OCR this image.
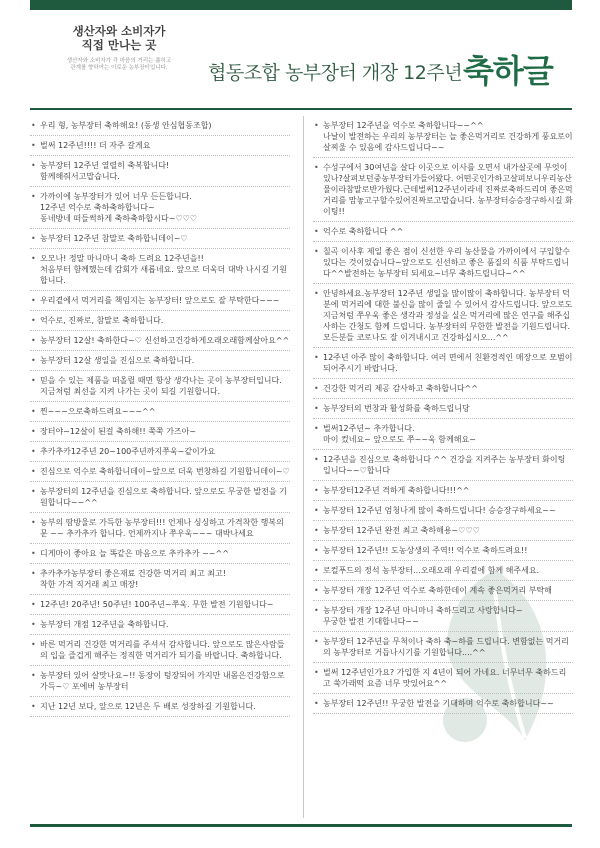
생산자와 소비자가
직접 만나는 곳
생산자와 소비자가 각 마음의 거리는 좁히고
관계를 향하여는 이로운 농부장터입니다.	협동조합 농부장터 개장 12주년 축하글
• 우리 형, 농부장터 축하해요! (동생 안심협동조합)
• 벌써 12주년!!!! 더 자주 갈게요
• 농부장터 12주년 열렬히 축복합니다!
함께해줘서고맙습니다.
• 가까이에 농부장터가 있어 너무 든든합니다.
12주년 억수로 축하축하합니다~
동네방네 떠들썩하게 축하축하합시다~♡♡♡
• 농부장터 12주년 참말로 축하합니데이~♡
• 오모나! 정말 마니마니 축하 드려요 12주년을!!
처음부터 함께했는데 감회가 새롭네요. 앞으로 더욱더 대박 나시길 기원합니다.
• 우리곁에서 먹거리를 책임지는 농부장터! 앞으로도 잘 부탁한다~~~
• 억수로, 진짜로, 참말로 축하합니다.
• 농부장터 12살! 축하한다~♡ 신선하고건강하게오래오래함께살아요^^
• 농부장터 12살 생일을 진심으로 축하합니다.
• 믿을 수 있는 제품을 떠올릴 때면 항상 생각나는 곳이 농부장터입니다. 지금처럼 최선을 지켜 나가는 곳이 되길 기원합니다.
• 찐~~~으로축하드려요~~~^^
• 장터야~12살이 된걸 축하해!! 쭉쭉 가즈아~
• 추카추카12주년 20~100주년까지쭈욱~같이가요
• 진심으로 억수로 축하합니데이~앞으로 더욱 번창하길 기원합니데이~♡
• 농부장터의 12주년을 진심으로 축하합니다. 앞으로도 무궁한 발전을 기원합니다~~^^
• 농부의 땀방울로 가득한 농부장터!!! 언제나 싱싱하고 가격착한 행복의 문 ~~ 추카추카 합니다. 언제까지나 쭈우욱~~~ 대박나세요
• 디게마이 좋아요 늘 똑같은 마음으로 추카추카 ~~^^
• 추카추카농부장터 좋은재료 건강한 먹거리 최고 최고!
착한 가격 직거래 최고 매장!
• 12주년! 20주년! 50주년! 100주년~쭈욱. 무한 발전 기원합니다~
• 농부장터 개점 12주년을 축하합니다.
• 바른 먹거리 건강한 먹거리를 주셔서 감사합니다. 앞으로도 많은사람들의 입을 즐겁게 해주는 정직한 먹거리가 되기를 바랍니다. 축하합니다.
• 농부장터 있어 살맛나요~!! 동장이 텅장되어 가지만 내몸은건강함으로가득~♡ 포에버 농부장터
• 지난 12년 보다, 앞으로 12년은 두 배로 성장하길 기원합니다.
• 농부장터 12주년을 억수로 축하합니다~~^^
나날이 발전하는 우리의 농부장터는 늘 좋은먹거리로 건강하게 풍요로이 살찌울 수 있음에 감사드립니다~~
• 수성구에서 30여년을 살다 이곳으로 이사를 오면서 내가살곳에 무엇이있나?살펴보던중농부장터가들어왔다. 어떤곳인가하고살펴보니우리농산물이라참말로반가웠다.근데벌써12주년이라네 진짜로축하드리며 좋은먹거리를 맘놓고구할수있어진짜로고맙습니다. 농부장터승승장구하시길 화이팅!!
• 억수로 축하합니다 ^^
• 칠곡 이사후 제일 좋은 점이 신선한 우리 농산물을 가까이에서 구입할수 있다는 것이었습니다~앞으로도 신선하고 좋은 품질의 식품 부탁드립니다^^발전하는 농부장터 되세요~너무 축하드립니다~^^
• 안녕하세요.농부장터 12주년 생일을 많이많이 축하합니다. 농부장터 덕분에 먹거리에 대한 불신을 많이 줄일 수 있어서 감사드립니다. 앞으로도 지금처럼 쭈우욱 좋은 생각과 정성을 실은 먹거리에 많은 연구를 해주십사하는 간청도 함께 드립니다. 농부장터의 무한한 발전을 기원드립니다. 모든분들 코로나도 잘 이겨내시고 건강하십시오...^^
• 12주년 아주 많이 축하합니다. 여러 면에서 친환경적인 매장으로 모범이 되어주시기 바랍니다.
• 건강한 먹거리 제공 감사하고 축하합니다^^
• 농부장터의 번창과 활성화를 축하드립니당
• 벌써12주년~ 추카합니다.
마이 컸네요~ 앞으로도 쭈~~욱 함께해요~
• 12주년을 진심으로 축하합니다 ^^ 건강을 지켜주는 농부장터 화이팅입니다~~♡합니다
• 농부장터12주년 격하게 축하합니다!!!^^
• 농부장터 12주년 엄청나게 많이 축하드립니다! 승승장구하세요~~
• 농부장터 12주년 완전 최고 축하해용~♡♡♡
• 농부장터 12주년!! 도농상생의 주역!! 억수로 축하드려요!!
• 로컬푸드의 정석 농부장터...오래오래 우리곁에 함께 해주세요.
• 농부장터 개장 12주년 억수로 축하한데이 계속 좋은먹거리 부탁해
• 농부장터 개장 12주년 마니마니 축하드리고 사랑합니다~
무궁한 발전 기대합니다~~
• 농부장터 12주년을 무척이나 축하 축~하를 드립니다. 변함없는 먹거리의 농부장터로 거듭나시기를 기원합니다....^^
• 벌써 12주년인가요? 가입한 지 4년이 되어 가네요. 너무너무 축하드리고 쑥가래떡 요즘 너무 맛있어요^^
• 농부장터 12주년!! 무궁한 발전을 기대하며 억수로 축하합니다~~
